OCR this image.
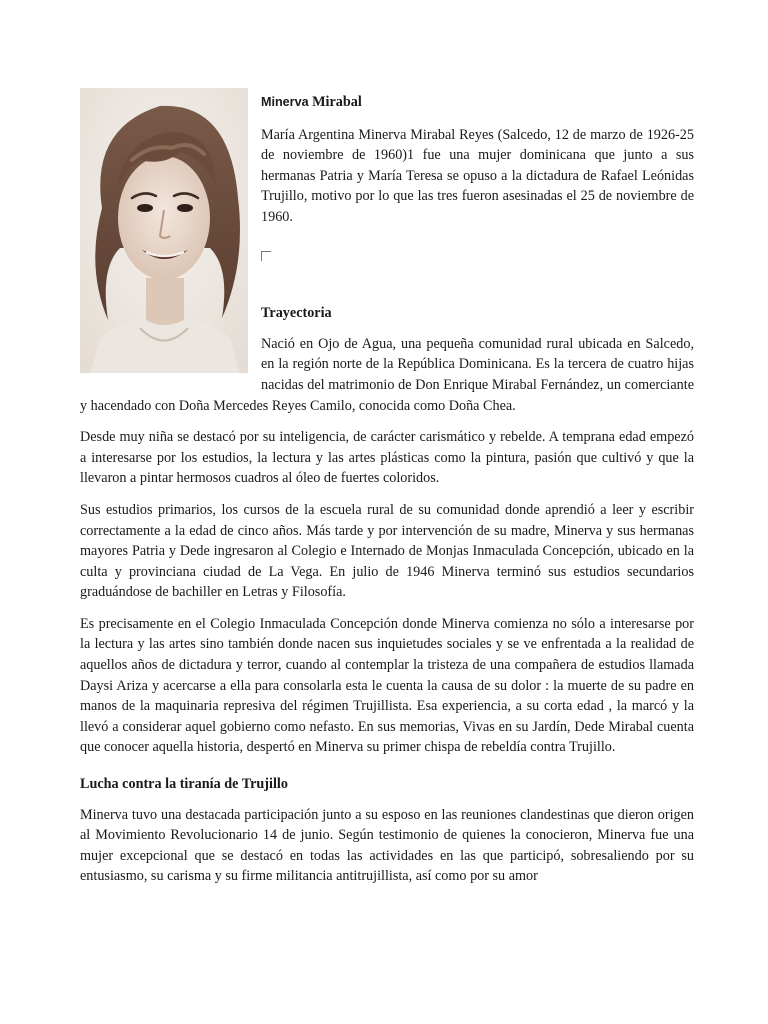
Minerva Mirabal

María Argentina Minerva Mirabal Reyes (Salcedo, 12 de marzo de 1926-25 de noviembre de 1960)1 fue una mujer dominicana que junto a sus hermanas Patria y María Teresa se opuso a la dictadura de Rafael Leónidas Trujillo, motivo por lo que las tres fueron asesinadas el 25 de noviembre de 1960.

Trayectoria

Nació en Ojo de Agua, una pequeña comunidad rural ubicada en Salcedo, en la región norte de la República Dominicana. Es la tercera de cuatro hijas nacidas del matrimonio de Don Enrique Mirabal Fernández, un comerciante y hacendado con Doña Mercedes Reyes Camilo, conocida como Doña Chea.

Desde muy niña se destacó por su inteligencia, de carácter carismático y rebelde. A temprana edad empezó a interesarse por los estudios, la lectura y las artes plásticas como la pintura, pasión que cultivó y que la llevaron a pintar hermosos cuadros al óleo de fuertes coloridos.

Sus estudios primarios, los cursos de la escuela rural de su comunidad donde aprendió a leer y escribir correctamente a la edad de cinco años. Más tarde y por intervención de su madre, Minerva y sus hermanas mayores Patria y Dede ingresaron al Colegio e Internado de Monjas Inmaculada Concepción, ubicado en la culta y provinciana ciudad de La Vega. En julio de 1946 Minerva terminó sus estudios secundarios graduándose de bachiller en Letras y Filosofía.

Es precisamente en el Colegio Inmaculada Concepción donde Minerva comienza no sólo a interesarse por la lectura y las artes sino también donde nacen sus inquietudes sociales y se ve enfrentada a la realidad de aquellos años de dictadura y terror, cuando al contemplar la tristeza de una compañera de estudios llamada Daysi Ariza y acercarse a ella para consolarla esta le cuenta la causa de su dolor : la muerte de su padre en manos de la maquinaria represiva del régimen Trujillista. Esa experiencia, a su corta edad , la marcó y la llevó a considerar aquel gobierno como nefasto. En sus memorias, Vivas en su Jardín, Dede Mirabal cuenta que conocer aquella historia, despertó en Minerva su primer chispa de rebeldía contra Trujillo.

Lucha contra la tiranía de Trujillo

Minerva tuvo una destacada participación junto a su esposo en las reuniones clandestinas que dieron origen al Movimiento Revolucionario 14 de junio. Según testimonio de quienes la conocieron, Minerva fue una mujer excepcional que se destacó en todas las actividades en las que participó, sobresaliendo por su entusiasmo, su carisma y su firme militancia antitrujillista, así como por su amor
